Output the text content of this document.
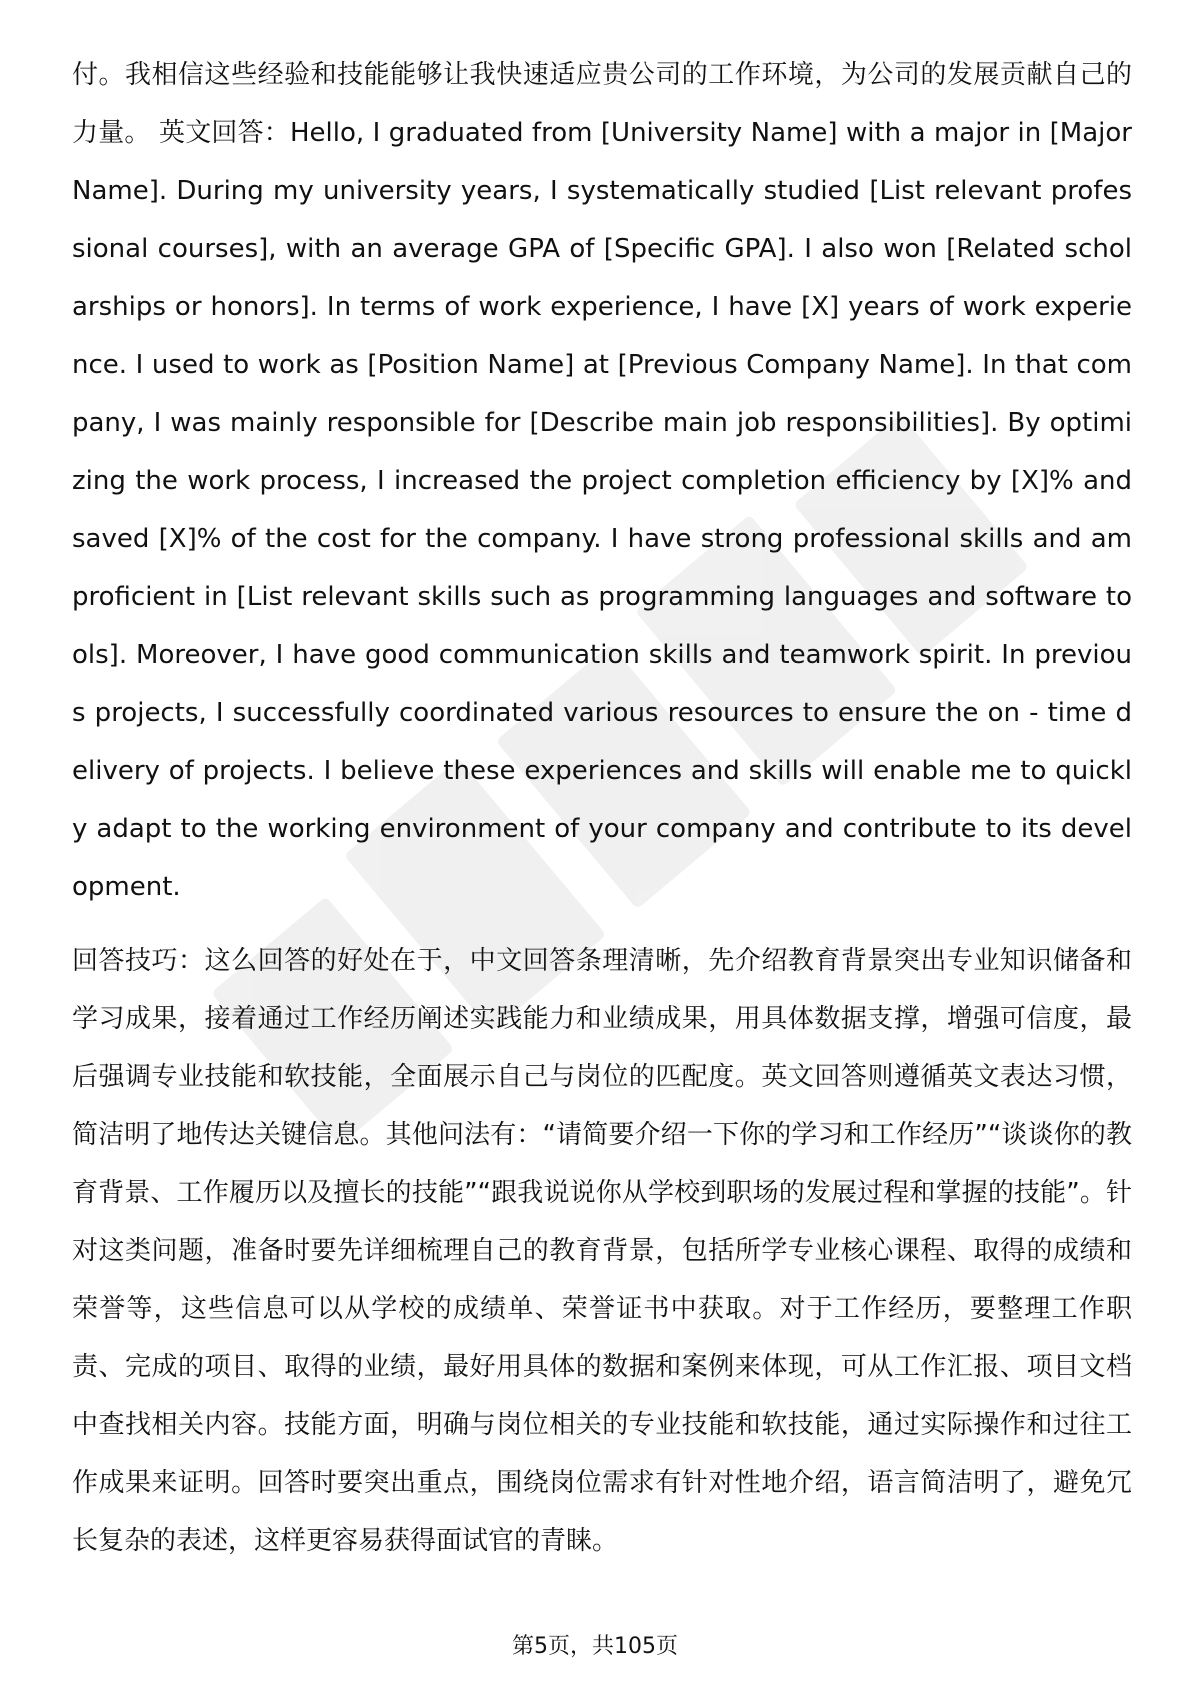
付。我相信这些经验和技能能够让我快速适应贵公司的工作环境，为公司的发展贡献自己的力量。 英文回答：Hello, I graduated from [University Name] with a major in [Major Name]. During my university years, I systematically studied [List relevant professional courses], with an average GPA of [Specific GPA]. I also won [Related scholarships or honors]. In terms of work experience, I have [X] years of work experience. I used to work as [Position Name] at [Previous Company Name]. In that company, I was mainly responsible for [Describe main job responsibilities]. By optimizing the work process, I increased the project completion efficiency by [X]% and saved [X]% of the cost for the company. I have strong professional skills and am proficient in [List relevant skills such as programming languages and software tools]. Moreover, I have good communication skills and teamwork spirit. In previous projects, I successfully coordinated various resources to ensure the on - time delivery of projects. I believe these experiences and skills will enable me to quickly adapt to the working environment of your company and contribute to its development.

回答技巧：这么回答的好处在于，中文回答条理清晰，先介绍教育背景突出专业知识储备和学习成果，接着通过工作经历阐述实践能力和业绩成果，用具体数据支撑，增强可信度，最后强调专业技能和软技能，全面展示自己与岗位的匹配度。英文回答则遵循英文表达习惯，简洁明了地传达关键信息。其他问法有：“请简要介绍一下你的学习和工作经历”“谈谈你的教育背景、工作履历以及擅长的技能”“跟我说说你从学校到职场的发展过程和掌握的技能”。针对这类问题，准备时要先详细梳理自己的教育背景，包括所学专业核心课程、取得的成绩和荣誉等，这些信息可以从学校的成绩单、荣誉证书中获取。对于工作经历，要整理工作职责、完成的项目、取得的业绩，最好用具体的数据和案例来体现，可从工作汇报、项目文档中查找相关内容。技能方面，明确与岗位相关的专业技能和软技能，通过实际操作和过往工作成果来证明。回答时要突出重点，围绕岗位需求有针对性地介绍，语言简洁明了，避免冗长复杂的表述，这样更容易获得面试官的青睐。

第5页，共105页
